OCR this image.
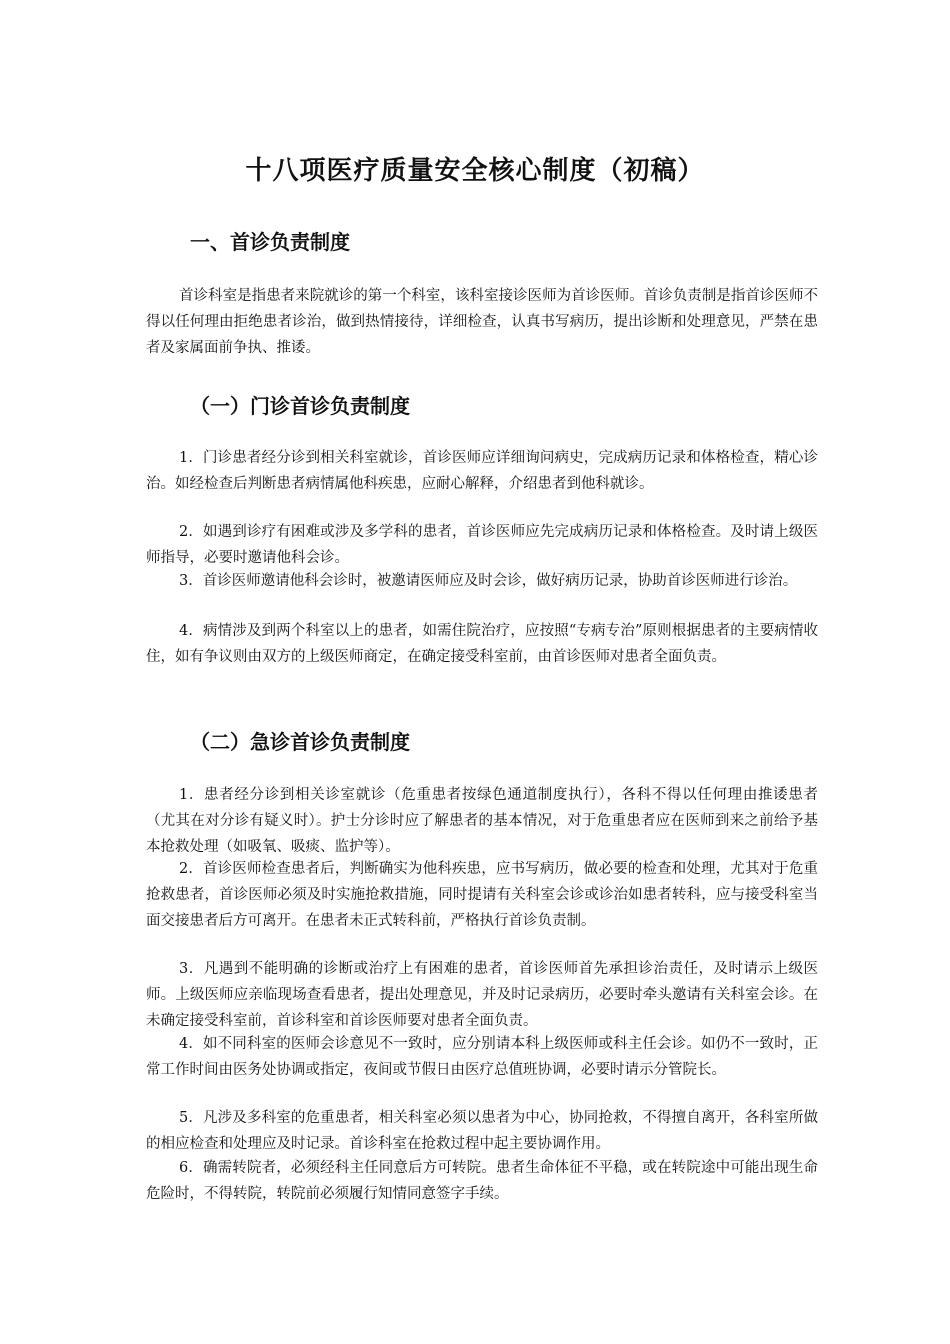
十八项医疗质量安全核心制度（初稿）
一、首诊负责制度

首诊科室是指患者来院就诊的第一个科室，该科室接诊医师为首诊医师。首诊负责制是指首诊医师不得以任何理由拒绝患者诊治，做到热情接待，详细检查，认真书写病历，提出诊断和处理意见，严禁在患者及家属面前争执、推诿。

（一）门诊首诊负责制度

1．门诊患者经分诊到相关科室就诊，首诊医师应详细询问病史，完成病历记录和体格检查，精心诊治。如经检查后判断患者病情属他科疾患，应耐心解释，介绍患者到他科就诊。

2．如遇到诊疗有困难或涉及多学科的患者，首诊医师应先完成病历记录和体格检查。及时请上级医师指导，必要时邀请他科会诊。

3．首诊医师邀请他科会诊时，被邀请医师应及时会诊，做好病历记录，协助首诊医师进行诊治。

4．病情涉及到两个科室以上的患者，如需住院治疗，应按照“专病专治”原则根据患者的主要病情收住，如有争议则由双方的上级医师商定，在确定接受科室前，由首诊医师对患者全面负责。

（二）急诊首诊负责制度

1．患者经分诊到相关诊室就诊（危重患者按绿色通道制度执行），各科不得以任何理由推诿患者（尤其在对分诊有疑义时）。护士分诊时应了解患者的基本情况，对于危重患者应在医师到来之前给予基本抢救处理（如吸氧、吸痰、监护等）。

2．首诊医师检查患者后，判断确实为他科疾患，应书写病历，做必要的检查和处理，尤其对于危重抢救患者，首诊医师必须及时实施抢救措施，同时提请有关科室会诊或诊治如患者转科，应与接受科室当面交接患者后方可离开。在患者未正式转科前，严格执行首诊负责制。

3．凡遇到不能明确的诊断或治疗上有困难的患者，首诊医师首先承担诊治责任，及时请示上级医师。上级医师应亲临现场查看患者，提出处理意见，并及时记录病历，必要时牵头邀请有关科室会诊。在未确定接受科室前，首诊科室和首诊医师要对患者全面负责。

4．如不同科室的医师会诊意见不一致时，应分别请本科上级医师或科主任会诊。如仍不一致时，正常工作时间由医务处协调或指定，夜间或节假日由医疗总值班协调，必要时请示分管院长。

5．凡涉及多科室的危重患者，相关科室必须以患者为中心，协同抢救，不得擅自离开，各科室所做的相应检查和处理应及时记录。首诊科室在抢救过程中起主要协调作用。

6．确需转院者，必须经科主任同意后方可转院。患者生命体征不平稳，或在转院途中可能出现生命危险时，不得转院，转院前必须履行知情同意签字手续。
